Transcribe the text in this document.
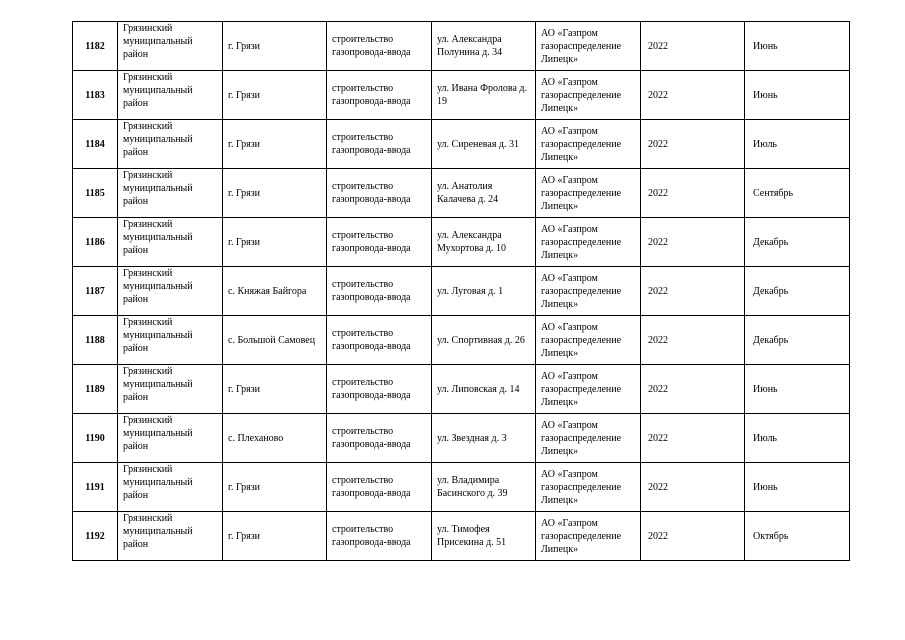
1182	Грязинский муниципальный район	г. Грязи	строительство газопровода-ввода	ул. Александра Полунина д. 34	АО «Газпром газораспределение Липецк»	2022	Июнь
1183	Грязинский муниципальный район	г. Грязи	строительство газопровода-ввода	ул. Ивана Фролова д. 19	АО «Газпром газораспределение Липецк»	2022	Июнь
1184	Грязинский муниципальный район	г. Грязи	строительство газопровода-ввода	ул. Сиреневая д. 31	АО «Газпром газораспределение Липецк»	2022	Июль
1185	Грязинский муниципальный район	г. Грязи	строительство газопровода-ввода	ул. Анатолия Калачева д. 24	АО «Газпром газораспределение Липецк»	2022	Сентябрь
1186	Грязинский муниципальный район	г. Грязи	строительство газопровода-ввода	ул. Александра Мухортова д. 10	АО «Газпром газораспределение Липецк»	2022	Декабрь
1187	Грязинский муниципальный район	с. Княжая Байгора	строительство газопровода-ввода	ул. Луговая д. 1	АО «Газпром газораспределение Липецк»	2022	Декабрь
1188	Грязинский муниципальный район	с. Большой Самовец	строительство газопровода-ввода	ул. Спортивная д. 26	АО «Газпром газораспределение Липецк»	2022	Декабрь
1189	Грязинский муниципальный район	г. Грязи	строительство газопровода-ввода	ул. Липовская д. 14	АО «Газпром газораспределение Липецк»	2022	Июнь
1190	Грязинский муниципальный район	с. Плеханово	строительство газопровода-ввода	ул. Звездная д. 3	АО «Газпром газораспределение Липецк»	2022	Июль
1191	Грязинский муниципальный район	г. Грязи	строительство газопровода-ввода	ул. Владимира Басинского д. 39	АО «Газпром газораспределение Липецк»	2022	Июнь
1192	Грязинский муниципальный район	г. Грязи	строительство газопровода-ввода	ул. Тимофея Присекина д. 51	АО «Газпром газораспределение Липецк»	2022	Октябрь
